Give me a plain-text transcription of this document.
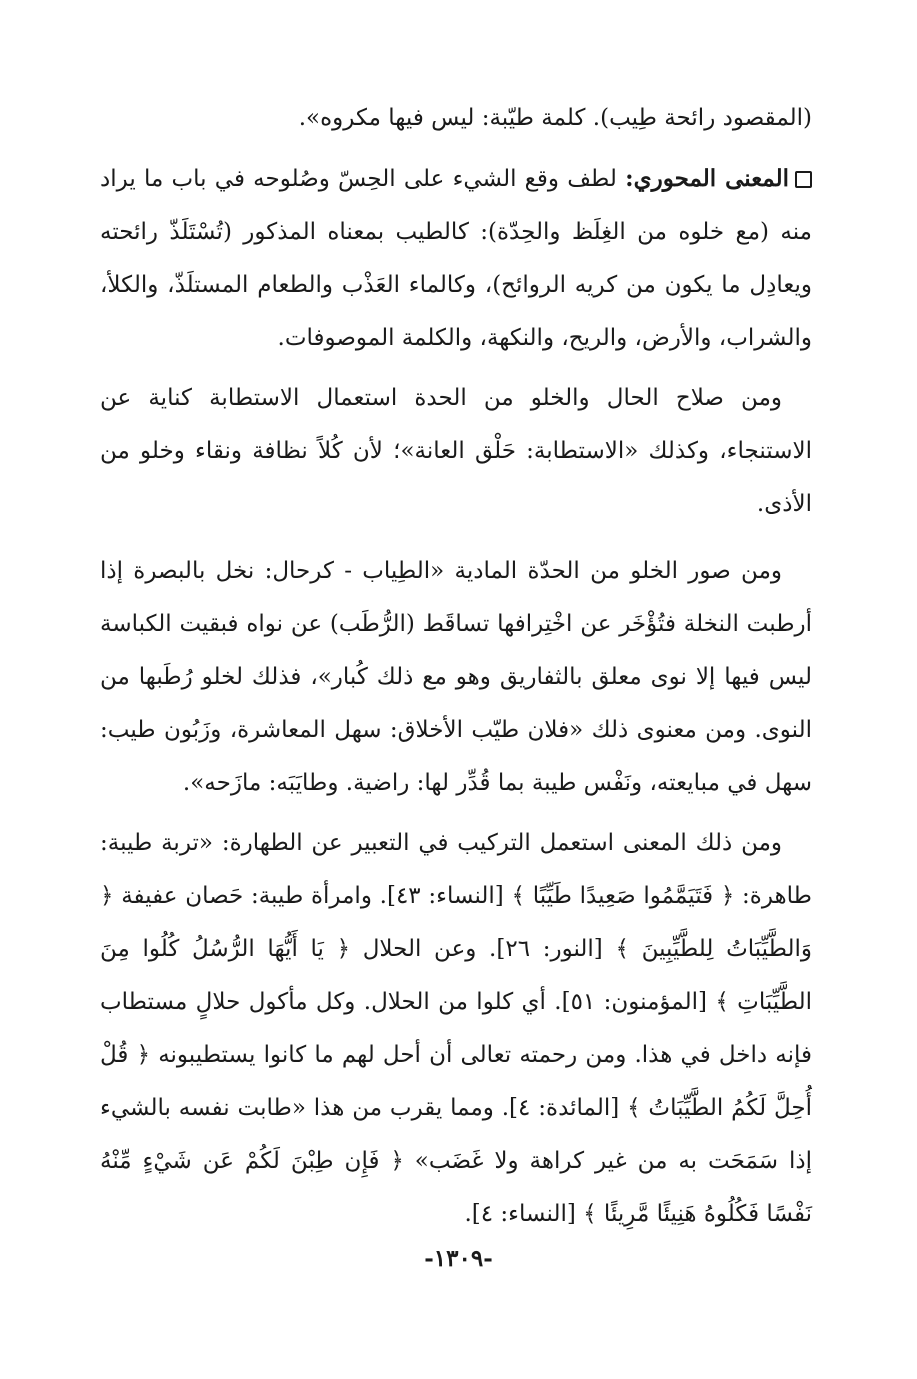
(المقصود رائحة طِيب). كلمة طيّبة: ليس فيها مكروه».

المعنى المحوري: لطف وقع الشيء على الحِسّ وصُلوحه في باب ما يراد منه (مع خلوه من الغِلَظ والحِدّة): كالطيب بمعناه المذكور (تُسْتَلَذّ رائحته ويعادِل ما يكون من كريه الروائح)، وكالماء العَذْب والطعام المستلَذّ، والكلأ، والشراب، والأرض، والريح، والنكهة، والكلمة الموصوفات.

ومن صلاح الحال والخلو من الحدة استعمال الاستطابة كناية عن الاستنجاء، وكذلك «الاستطابة: حَلْق العانة»؛ لأن كُلاً نظافة ونقاء وخلو من الأذى.

ومن صور الخلو من الحدّة المادية «الطِياب - كرحال: نخل بالبصرة إذا أرطبت النخلة فتُؤْخَر عن اخْتِرافها تساقَط (الرُّطَب) عن نواه فبقيت الكباسة ليس فيها إلا نوى معلق بالثفاريق وهو مع ذلك كُبار»، فذلك لخلو رُطَبها من النوى. ومن معنوى ذلك «فلان طيّب الأخلاق: سهل المعاشرة، وزَبُون طيب: سهل في مبايعته، ونَفْس طيبة بما قُدِّر لها: راضية. وطايَبَه: مازَحه».

ومن ذلك المعنى استعمل التركيب في التعبير عن الطهارة: «تربة طيبة: طاهرة: ﴿ فَتَيَمَّمُوا صَعِيدًا طَيِّبًا ﴾ [النساء: ٤٣]. وامرأة طيبة: حَصان عفيفة ﴿ وَالطَّيِّبَاتُ لِلطَّيِّبِينَ ﴾ [النور: ٢٦]. وعن الحلال ﴿ يَا أَيُّهَا الرُّسُلُ كُلُوا مِنَ الطَّيِّبَاتِ ﴾ [المؤمنون: ٥١]. أي كلوا من الحلال. وكل مأكول حلالٍ مستطاب فإنه داخل في هذا. ومن رحمته تعالى أن أحل لهم ما كانوا يستطيبونه ﴿ قُلْ أُحِلَّ لَكُمُ الطَّيِّبَاتُ ﴾ [المائدة: ٤]. ومما يقرب من هذا «طابت نفسه بالشيء إذا سَمَحَت به من غير كراهة ولا غَضَب» ﴿ فَإِن طِبْنَ لَكُمْ عَن شَيْءٍ مِّنْهُ نَفْسًا فَكُلُوهُ هَنِيئًا مَّرِيئًا ﴾ [النساء: ٤].

-١٣٠٩-
